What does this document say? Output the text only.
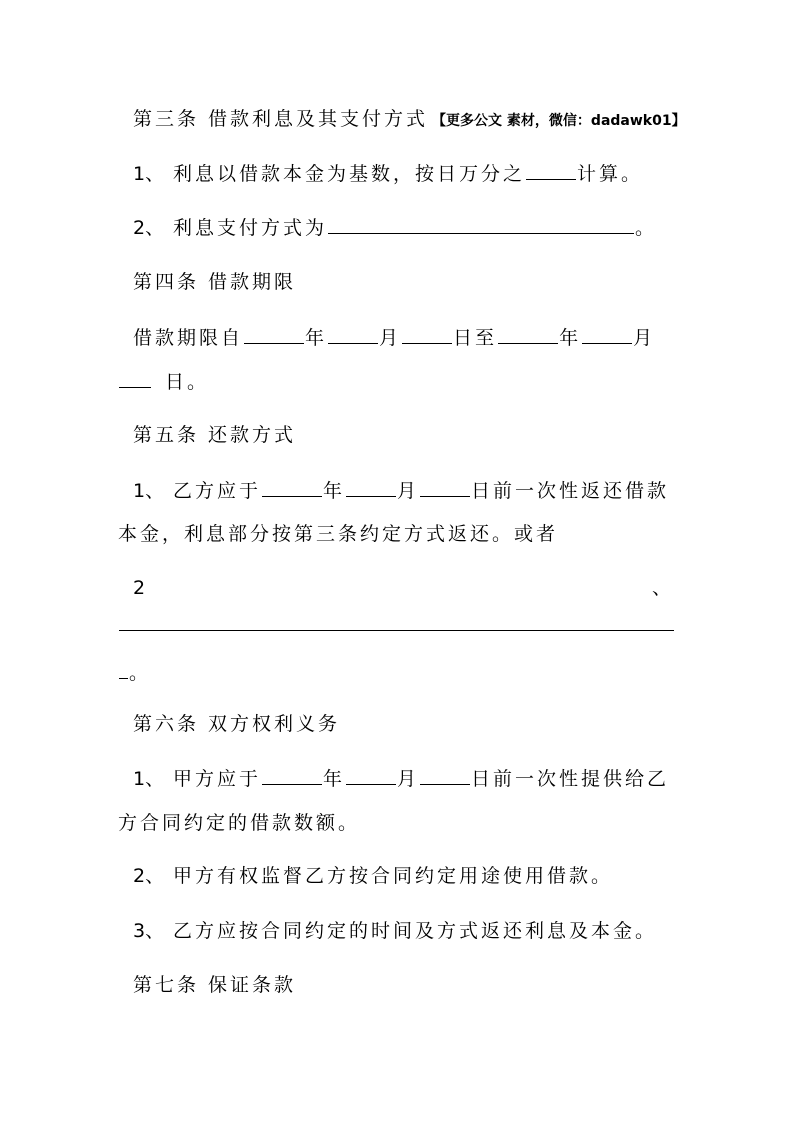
第三条 借款利息及其支付方式 【更多公文 素材，微信：dadawk01】
1、 利息以借款本金为基数，按日万分之	计算。
2、 利息支付方式为	。
第四条 借款期限
借款期限自	年	月	日至	年	月
日。
第五条 还款方式
1、 乙方应于	年	月	日前一次性返还借款
本金，利息部分按第三条约定方式返还。或者
2	、
。
第六条 双方权利义务
1、 甲方应于	年	月	日前一次性提供给乙
方合同约定的借款数额。
2、 甲方有权监督乙方按合同约定用途使用借款。
3、 乙方应按合同约定的时间及方式返还利息及本金。
第七条 保证条款
